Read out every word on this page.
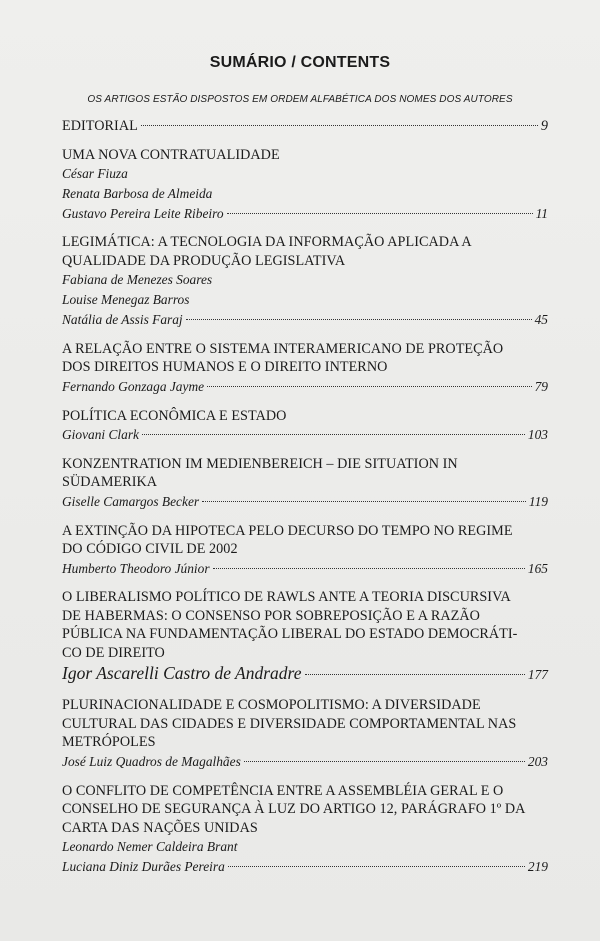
SUMÁRIO / CONTENTS
OS ARTIGOS ESTÃO DISPOSTOS EM ORDEM ALFABÉTICA DOS NOMES DOS AUTORES
EDITORIAL	9
UMA NOVA CONTRATUALIDADE
César Fiuza
Renata Barbosa de Almeida
Gustavo Pereira Leite Ribeiro	11
LEGIMÁTICA: A TECNOLOGIA DA INFORMAÇÃO APLICADA A
QUALIDADE DA PRODUÇÃO LEGISLATIVA
Fabiana de Menezes Soares
Louise Menegaz Barros
Natália de Assis Faraj	45
A RELAÇÃO ENTRE O SISTEMA INTERAMERICANO DE PROTEÇÃO
DOS DIREITOS HUMANOS E O DIREITO INTERNO
Fernando Gonzaga Jayme	79
POLÍTICA ECONÔMICA E ESTADO
Giovani Clark	103
KONZENTRATION IM MEDIENBEREICH – DIE SITUATION IN
SÜDAMERIKA
Giselle Camargos Becker	119
A EXTINÇÃO DA HIPOTECA PELO DECURSO DO TEMPO NO REGIME
DO CÓDIGO CIVIL DE 2002
Humberto Theodoro Júnior	165
O LIBERALISMO POLÍTICO DE RAWLS ANTE A TEORIA DISCURSIVA
DE HABERMAS: O CONSENSO POR SOBREPOSIÇÃO E A RAZÃO
PÚBLICA NA FUNDAMENTAÇÃO LIBERAL DO ESTADO DEMOCRÁTI-
CO DE DIREITO
Igor Ascarelli Castro de Andradre	177
PLURINACIONALIDADE E COSMOPOLITISMO: A DIVERSIDADE
CULTURAL DAS CIDADES E DIVERSIDADE COMPORTAMENTAL NAS
METRÓPOLES
José Luiz Quadros de Magalhães	203
O CONFLITO DE COMPETÊNCIA ENTRE A ASSEMBLÉIA GERAL E O
CONSELHO DE SEGURANÇA À LUZ DO ARTIGO 12, PARÁGRAFO 1º DA
CARTA DAS NAÇÕES UNIDAS
Leonardo Nemer Caldeira Brant
Luciana Diniz Durães Pereira	219
